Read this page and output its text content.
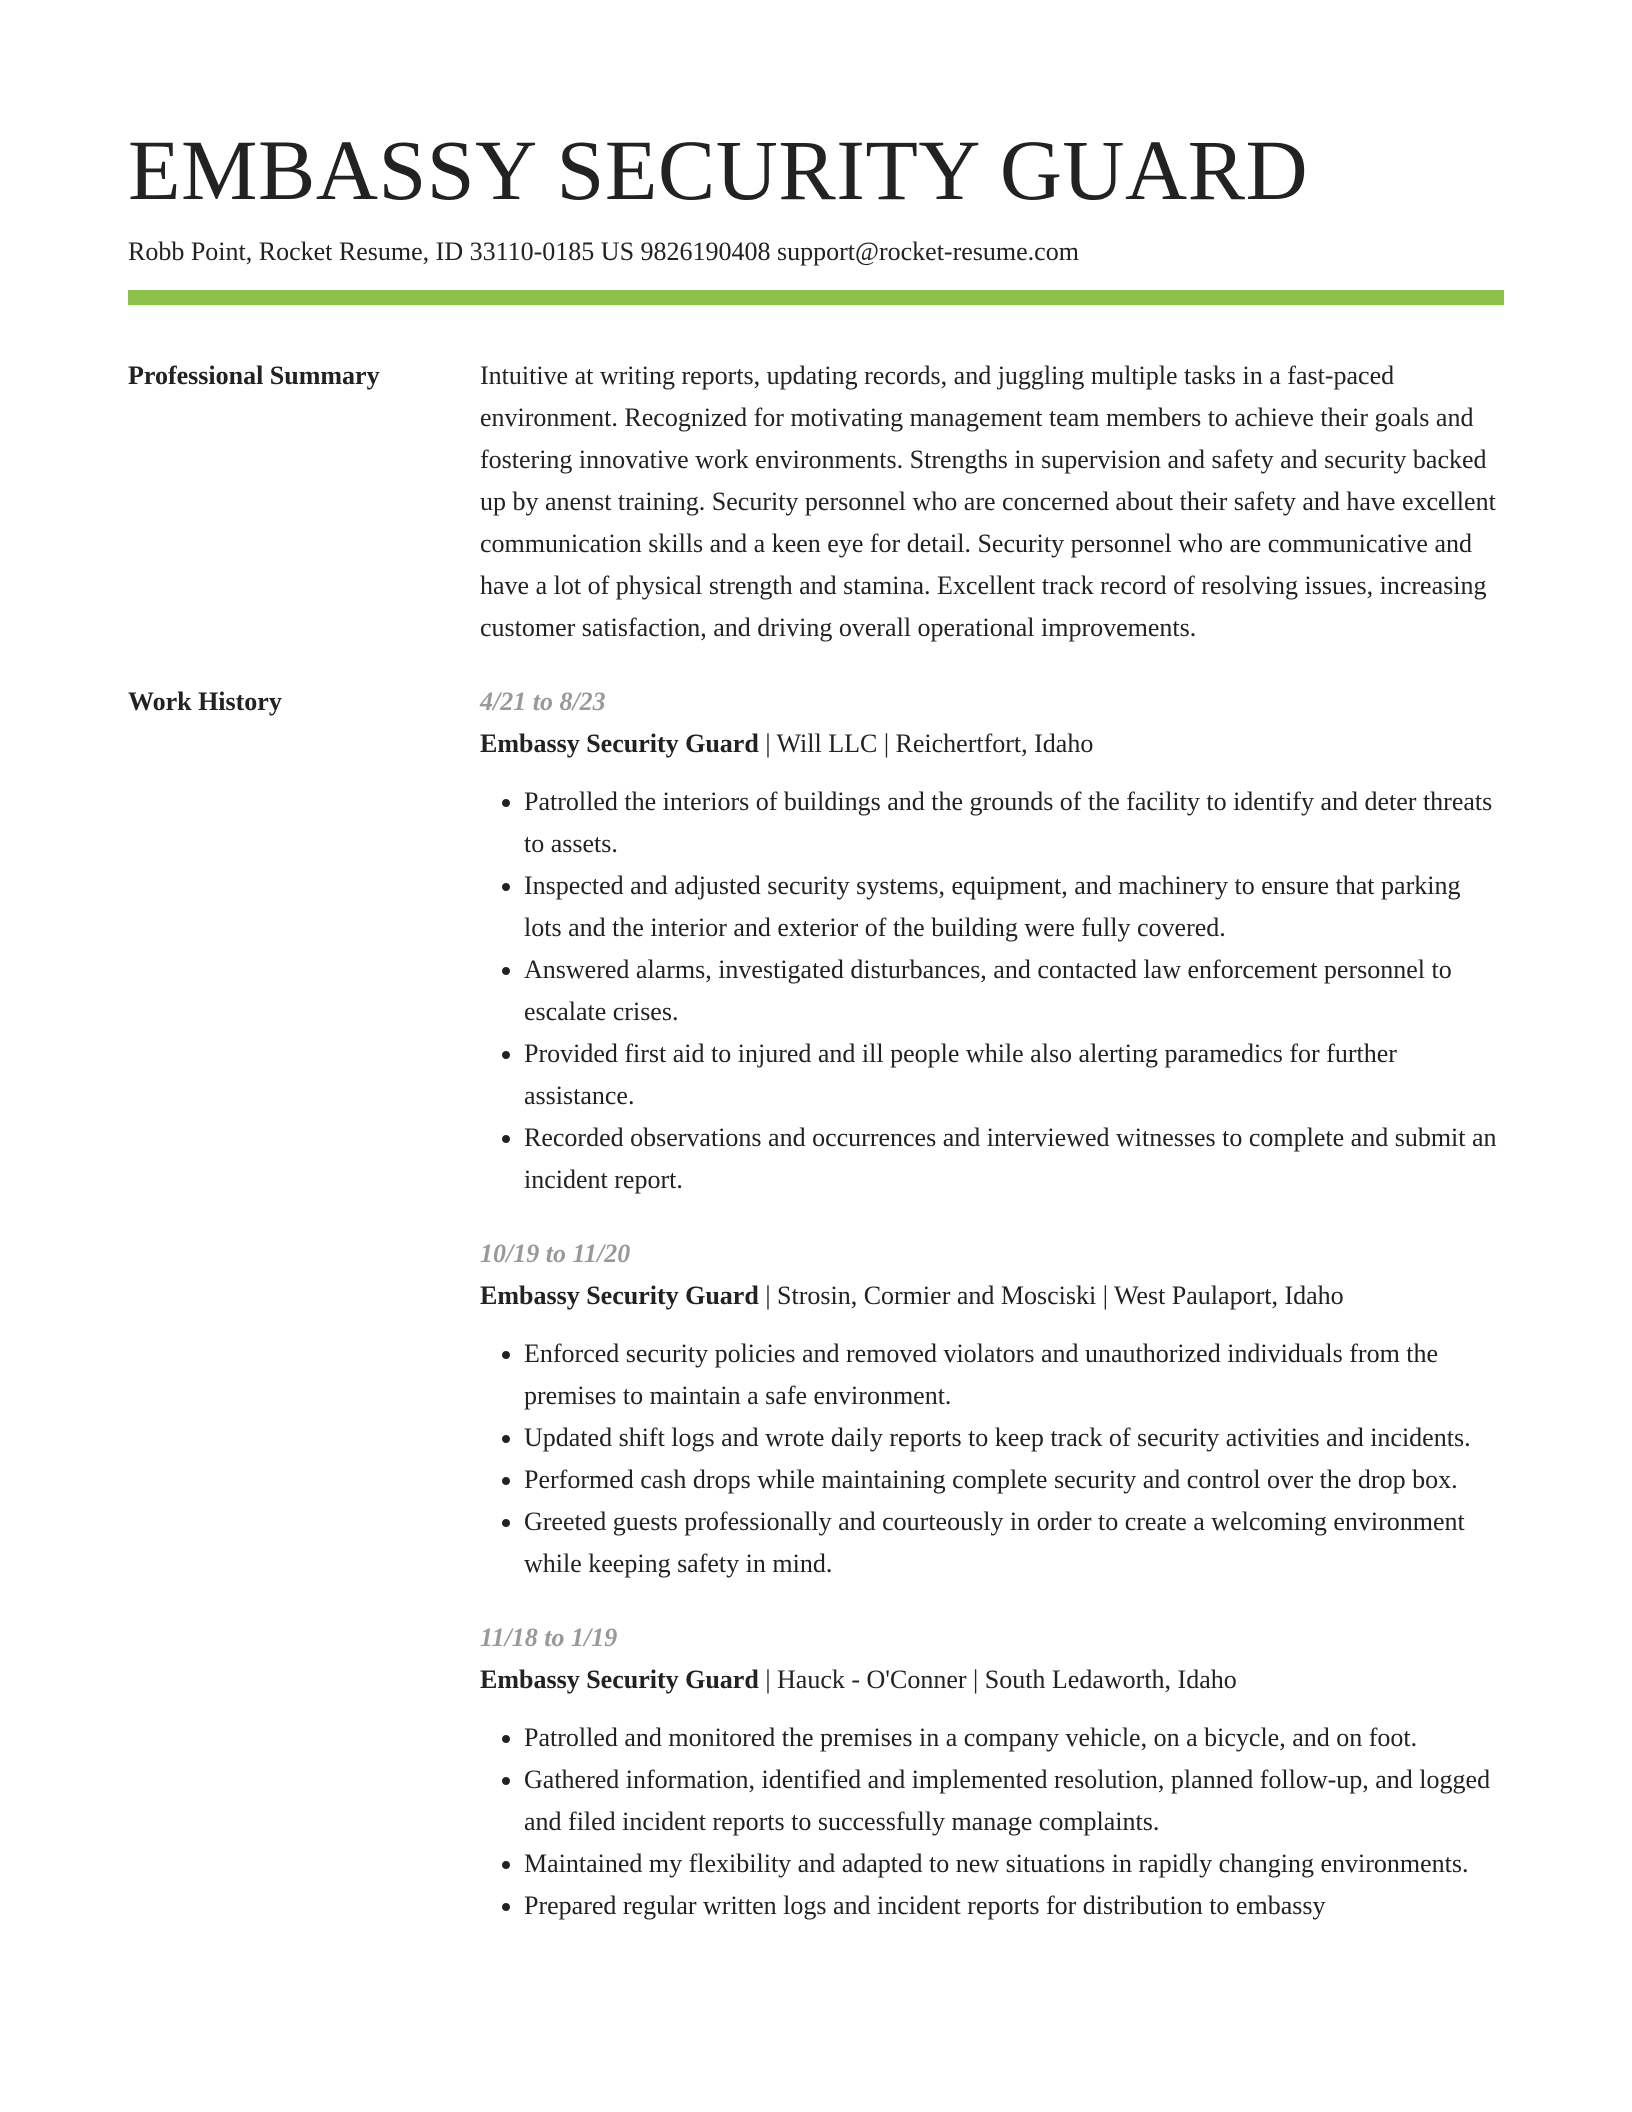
EMBASSY SECURITY GUARD
Robb Point, Rocket Resume, ID 33110-0185 US 9826190408 support@rocket-resume.com
Professional Summary	Intuitive at writing reports, updating records, and juggling multiple tasks in a fast-paced environment. Recognized for motivating management team members to achieve their goals and fostering innovative work environments. Strengths in supervision and safety and security backed up by anenst training. Security personnel who are concerned about their safety and have excellent communication skills and a keen eye for detail. Security personnel who are communicative and have a lot of physical strength and stamina. Excellent track record of resolving issues, increasing customer satisfaction, and driving overall operational improvements.

Work History	4/21 to 8/23
Embassy Security Guard | Will LLC | Reichertfort, Idaho
• Patrolled the interiors of buildings and the grounds of the facility to identify and deter threats to assets.
• Inspected and adjusted security systems, equipment, and machinery to ensure that parking lots and the interior and exterior of the building were fully covered.
• Answered alarms, investigated disturbances, and contacted law enforcement personnel to escalate crises.
• Provided first aid to injured and ill people while also alerting paramedics for further assistance.
• Recorded observations and occurrences and interviewed witnesses to complete and submit an incident report.
10/19 to 11/20
Embassy Security Guard | Strosin, Cormier and Mosciski | West Paulaport, Idaho
• Enforced security policies and removed violators and unauthorized individuals from the premises to maintain a safe environment.
• Updated shift logs and wrote daily reports to keep track of security activities and incidents.
• Performed cash drops while maintaining complete security and control over the drop box.
• Greeted guests professionally and courteously in order to create a welcoming environment while keeping safety in mind.
11/18 to 1/19
Embassy Security Guard | Hauck - O'Conner | South Ledaworth, Idaho
• Patrolled and monitored the premises in a company vehicle, on a bicycle, and on foot.
• Gathered information, identified and implemented resolution, planned follow-up, and logged and filed incident reports to successfully manage complaints.
• Maintained my flexibility and adapted to new situations in rapidly changing environments.
• Prepared regular written logs and incident reports for distribution to embassy
